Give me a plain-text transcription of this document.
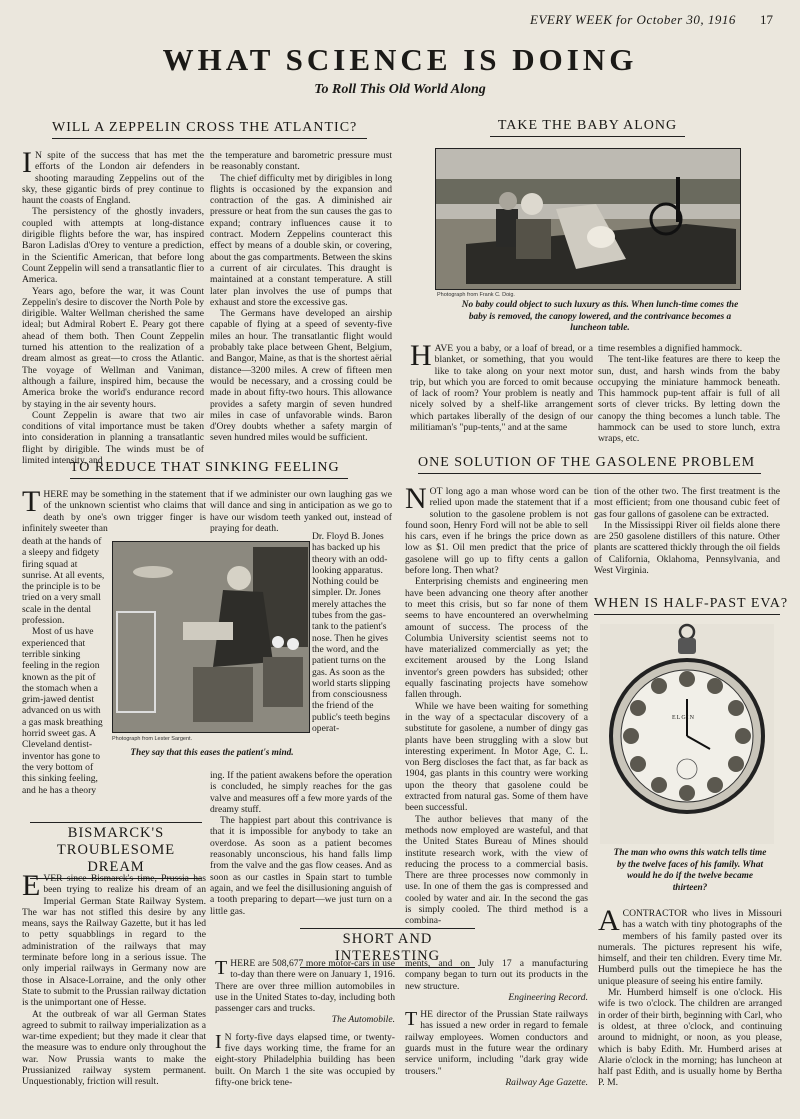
EVERY WEEK for October 30, 1916 17
WHAT SCIENCE IS DOING
To Roll This Old World Along
WILL A ZEPPELIN CROSS THE ATLANTIC?

I N spite of the success that has met the efforts of the London air defenders in shooting marauding Zeppelins out of the sky, these gigantic birds of prey continue to haunt the coasts of England.

The persistency of the ghostly invaders, coupled with attempts at long-distance dirigible flights before the war, has inspired Baron Ladislas d'Orey to venture a prediction, in the Scientific American, that before long Count Zeppelin will send a transatlantic flier to America.

Years ago, before the war, it was Count Zeppelin's desire to discover the North Pole by dirigible. Walter Wellman cherished the same ideal; but Admiral Robert E. Peary got there ahead of them both. Then Count Zeppelin turned his attention to the realization of a dream almost as great—to cross the Atlantic. The voyage of Wellman and Vaniman, although a failure, inspired him, because the America broke the world's endurance record by staying in the air seventy hours.

Count Zeppelin is aware that two air conditions of vital importance must be taken into consideration in planning a transatlantic flight by dirigible. The winds must be of limited intensity, and

the temperature and barometric pressure must be reasonably constant.

The chief difficulty met by dirigibles in long flights is occasioned by the expansion and contraction of the gas. A diminished air pressure or heat from the sun causes the gas to expand; contrary influences cause it to contract. Modern Zeppelins counteract this effect by means of a double skin, or covering, about the gas compartments. Between the skins a current of air circulates. This draught is maintained at a constant temperature. A still later plan involves the use of pumps that exhaust and store the excessive gas.

The Germans have developed an airship capable of flying at a speed of seventy-five miles an hour. The transatlantic flight would probably take place between Ghent, Belgium, and Bangor, Maine, as that is the shortest aërial distance—3200 miles. A crew of fifteen men would be necessary, and a crossing could be made in about fifty-two hours. This allowance provides a safety margin of seven hundred miles in case of unfavorable winds. Baron d'Orey doubts whether a safety margin of seven hundred miles would be sufficient.

TAKE THE BABY ALONG
Photograph from Frank C. Doig.
No baby could object to such luxury as this. When lunch-time comes the baby is removed, the canopy lowered, and the contrivance becomes a luncheon table.

HAVE you a baby, or a loaf of bread, or a blanket, or something, that you would like to take along on your next motor trip, but which you are forced to omit because of lack of room? Your problem is neatly and nicely solved by a shelf-like arrangement which partakes liberally of the design of our militiaman's "pup-tents," and at the same

time resembles a dignified hammock.

The tent-like features are there to keep the sun, dust, and harsh winds from the baby occupying the miniature hammock beneath. This hammock pup-tent affair is full of all sorts of clever tricks. By letting down the canopy the thing becomes a lunch table. The hammock can be used to store lunch, extra wraps, etc.

TO REDUCE THAT SINKING FEELING

THERE may be something in the statement of the unknown scientist who claims that death by one's own trigger finger is infinitely sweeter than

that if we administer our own laughing gas we will dance and sing in anticipation as we go to have our wisdom teeth yanked out, instead of praying for death.

death at the hands of a sleepy and fidgety firing squad at sunrise. At all events, the principle is to be tried on a very small scale in the dental profession.

Most of us have experienced that terrible sinking feeling in the region known as the pit of the stomach when a grim-jawed dentist advanced on us with a gas mask breathing horrid sweet gas. A Cleveland dentist-inventor has gone to the very bottom of this sinking feeling, and he has a theory

Photograph from Lester Sargent.
They say that this eases the patient's mind.
Dr. Floyd B. Jones has backed up his theory with an odd-looking apparatus. Nothing could be simpler. Dr. Jones merely attaches the tubes from the gas-tank to the patient's nose. Then he gives the word, and the patient turns on the gas. As soon as the world starts slipping from consciousness the friend of the public's teeth begins operat-

ing. If the patient awakens before the operation is concluded, he simply reaches for the gas valve and measures off a few more yards of the dreamy stuff.

The happiest part about this contrivance is that it is impossible for anybody to take an overdose. As soon as a patient becomes reasonably unconscious, his hand falls limp from the valve and the gas flow ceases. And as soon as our castles in Spain start to tumble again, and we feel the disillusioning anguish of a tooth preparing to depart—we just turn on a little gas.

ONE SOLUTION OF THE GASOLENE PROBLEM

NOT long ago a man whose word can be relied upon made the statement that if a solution to the gasolene problem is not found soon, Henry Ford will not be able to sell his cars, even if he brings the price down as low as $1. Oil men predict that the price of gasolene will go up to fifty cents a gallon before long. Then what?

Enterprising chemists and engineering men have been advancing one theory after another to meet this crisis, but so far none of them seems to have encountered an overwhelming amount of success. The process of the Columbia University scientist seems not to have materialized commercially as yet; the excitement aroused by the Long Island inventor's green powders has subsided; other equally fascinating projects have somehow fallen through.

While we have been waiting for something in the way of a spectacular discovery of a substitute for gasolene, a number of dingy gas plants have been struggling with a slow but interesting experiment. In Motor Age, C. L. von Berg discloses the fact that, as far back as 1904, gas plants in this country were working upon the theory that gasolene could be extracted from natural gas. Some of them have been successful.

The author believes that many of the methods now employed are wasteful, and that the United States Bureau of Mines should institute research work, with the view of reducing the process to a commercial basis. There are three processes now commonly in use. In one of them the gas is compressed and cooled by water and air. In the second the gas is simply cooled. The third method is a combina-

tion of the other two. The first treatment is the most efficient; from one thousand cubic feet of gas four gallons of gasolene can be extracted.

In the Mississippi River oil fields alone there are 250 gasolene distillers of this nature. Other plants are scattered thickly through the oil fields of California, Oklahoma, Pennsylvania, and West Virginia.

WHEN IS HALF-PAST EVA?
ELGIN
The man who owns this watch tells time by the twelve faces of his family. What would he do if the twelve became thirteen?

ACONTRACTOR who lives in Missouri has a watch with tiny photographs of the members of his family pasted over its numerals. The pictures represent his wife, himself, and their ten children. Every time Mr. Humberd pulls out the timepiece he has the unique pleasure of seeing his entire family.

Mr. Humberd himself is one o'clock. His wife is two o'clock. The children are arranged in order of their birth, beginning with Carl, who is oldest, at three o'clock, and continuing around to midnight, or noon, as you please, which is baby Edith. Mr. Humberd arises at Alarie o'clock in the morning; has luncheon at half past Edith, and is usually home by Bertha P. M.

BISMARCK'S TROUBLESOME DREAM

EVER since Bismarck's time, Prussia has been trying to realize his dream of an Imperial German State Railway System. The war has not stifled this desire by any means, says the Railway Gazette, but it has led to petty squabblings in regard to the administration of the railways that may terminate before long in a serious issue. The only imperial railways in Germany now are those in Alsace-Lorraine, and the only other State to submit to the Prussian railway dictation is the unimportant one of Hesse.

At the outbreak of war all German States agreed to submit to railway imperialization as a war-time expedient; but they made it clear that the measure was to endure only throughout the war. Now Prussia wants to make the Prussianized railway system permanent. Unquestionably, friction will result.

SHORT AND INTERESTING

THERE are 508,677 more motor-cars in use to-day than there were on January 1, 1916. There are over three million automobiles in use in the United States to-day, including both passenger cars and trucks.

The Automobile.

I N forty-five days elapsed time, or twenty-five days working time, the frame for an eight-story Philadelphia building has been built. On March 1 the site was occupied by fifty-one brick tene-

ments, and on July 17 a manufacturing company began to turn out its products in the new structure.

Engineering Record.

THE director of the Prussian State railways has issued a new order in regard to female railway employees. Women conductors and guards must in the future wear the ordinary service uniform, including "dark gray wide trousers."

Railway Age Gazette.
